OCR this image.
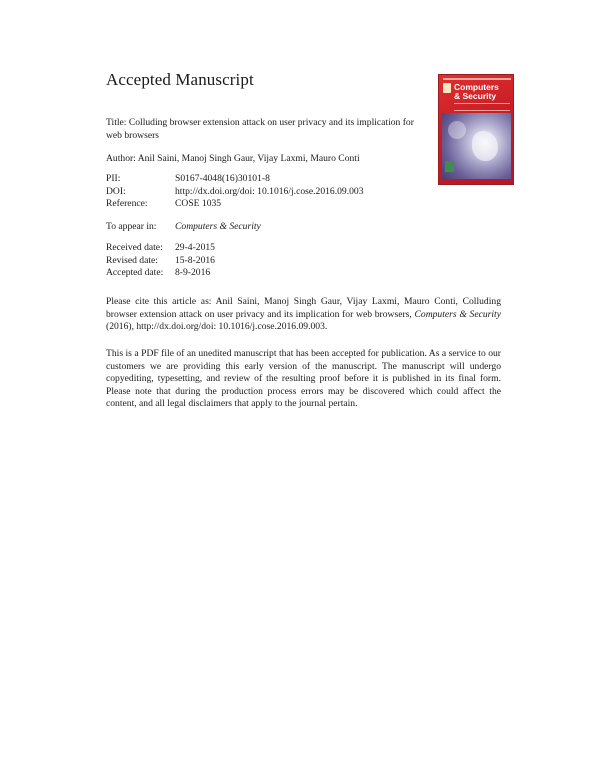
Accepted Manuscript	Computers
& Security
Title: Colluding browser extension attack on user privacy and its implication for web browsers
Author: Anil Saini, Manoj Singh Gaur, Vijay Laxmi, Mauro Conti
PII:	S0167-4048(16)30101-8
DOI:	http://dx.doi.org/doi: 10.1016/j.cose.2016.09.003
Reference:	COSE 1035
To appear in: Computers & Security
Received date: 29-4-2015
Revised date: 15-8-2016
Accepted date: 8-9-2016
Please cite this article as: Anil Saini, Manoj Singh Gaur, Vijay Laxmi, Mauro Conti, Colluding browser extension attack on user privacy and its implication for web browsers, Computers & Security (2016), http://dx.doi.org/doi: 10.1016/j.cose.2016.09.003.
This is a PDF file of an unedited manuscript that has been accepted for publication. As a service to our customers we are providing this early version of the manuscript. The manuscript will undergo copyediting, typesetting, and review of the resulting proof before it is published in its final form. Please note that during the production process errors may be discovered which could affect the content, and all legal disclaimers that apply to the journal pertain.
